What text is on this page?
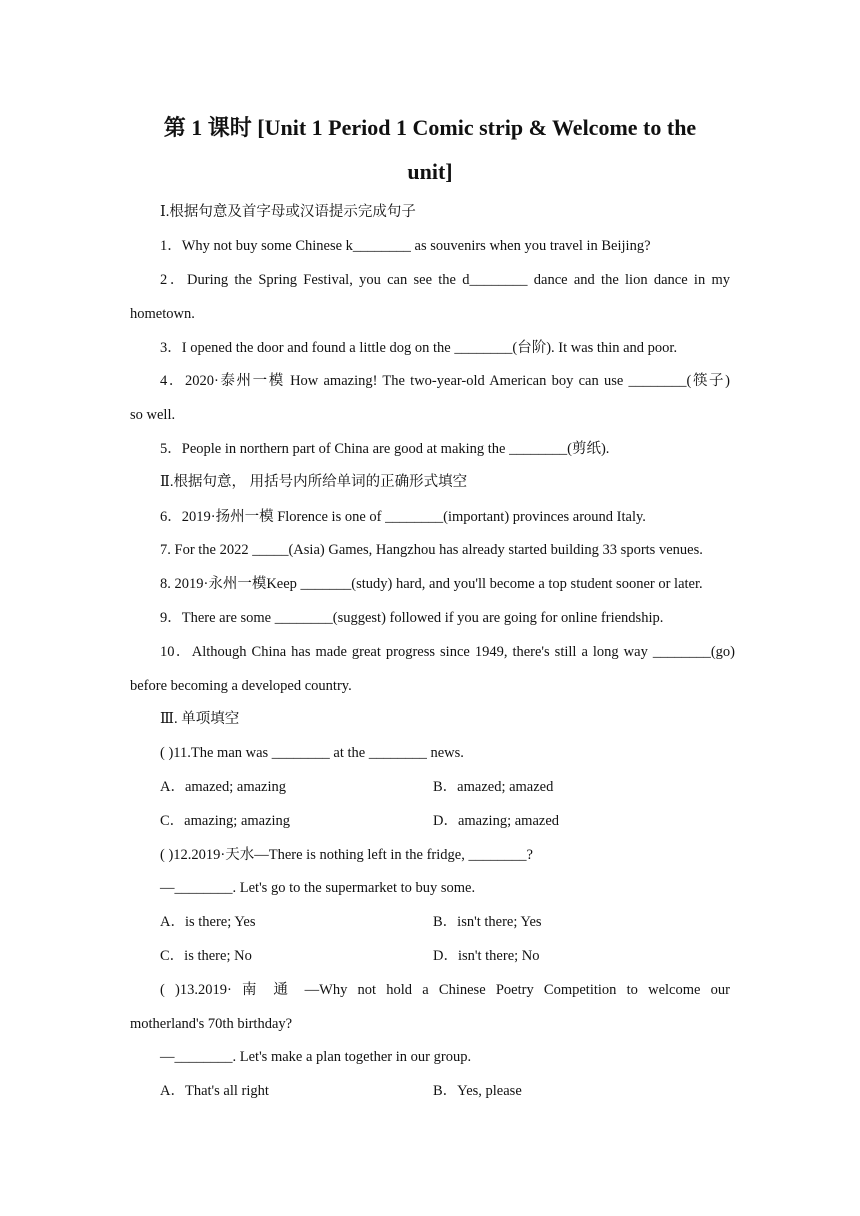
第 1 课时 [Unit 1 Period 1 Comic strip & Welcome to the
unit]
Ⅰ.根据句意及首字母或汉语提示完成句子
1．Why not buy some Chinese k________ as souvenirs when you travel in Beijing?
2．During the Spring Festival, you can see the d________ dance and the lion dance in my
hometown.
3．I opened the door and found a little dog on the ________(台阶). It was thin and poor.
4．2020·泰州一模 How amazing! The two-year-old American boy can use ________(筷子)
so well.
5．People in northern part of China are good at making the ________(剪纸).
Ⅱ.根据句意， 用括号内所给单词的正确形式填空
6．2019·扬州一模 Florence is one of ________(important) provinces around Italy.
7. For the 2022 _____(Asia) Games, Hangzhou has already started building 33 sports venues.
8. 2019·永州一模Keep _______(study) hard, and you'll become a top student sooner or later.
9．There are some ________(suggest) followed if you are going for online friendship.
10．Although China has made great progress since 1949, there's still a long way ________(go)
before becoming a developed country.
Ⅲ. 单项填空
( )11.The man was ________ at the ________ news.
A．amazed; amazing	B．amazed; amazed
C．amazing; amazing	D．amazing; amazed
( )12.2019·天水—There is nothing left in the fridge, ________?
—________. Let's go to the supermarket to buy some.
A．is there; Yes	B．isn't there; Yes
C．is there; No	D．isn't there; No
( )13.2019· 南 通 —Why not hold a Chinese Poetry Competition to welcome our
motherland's 70th birthday?
—________. Let's make a plan together in our group.
A．That's all right	B．Yes, please
